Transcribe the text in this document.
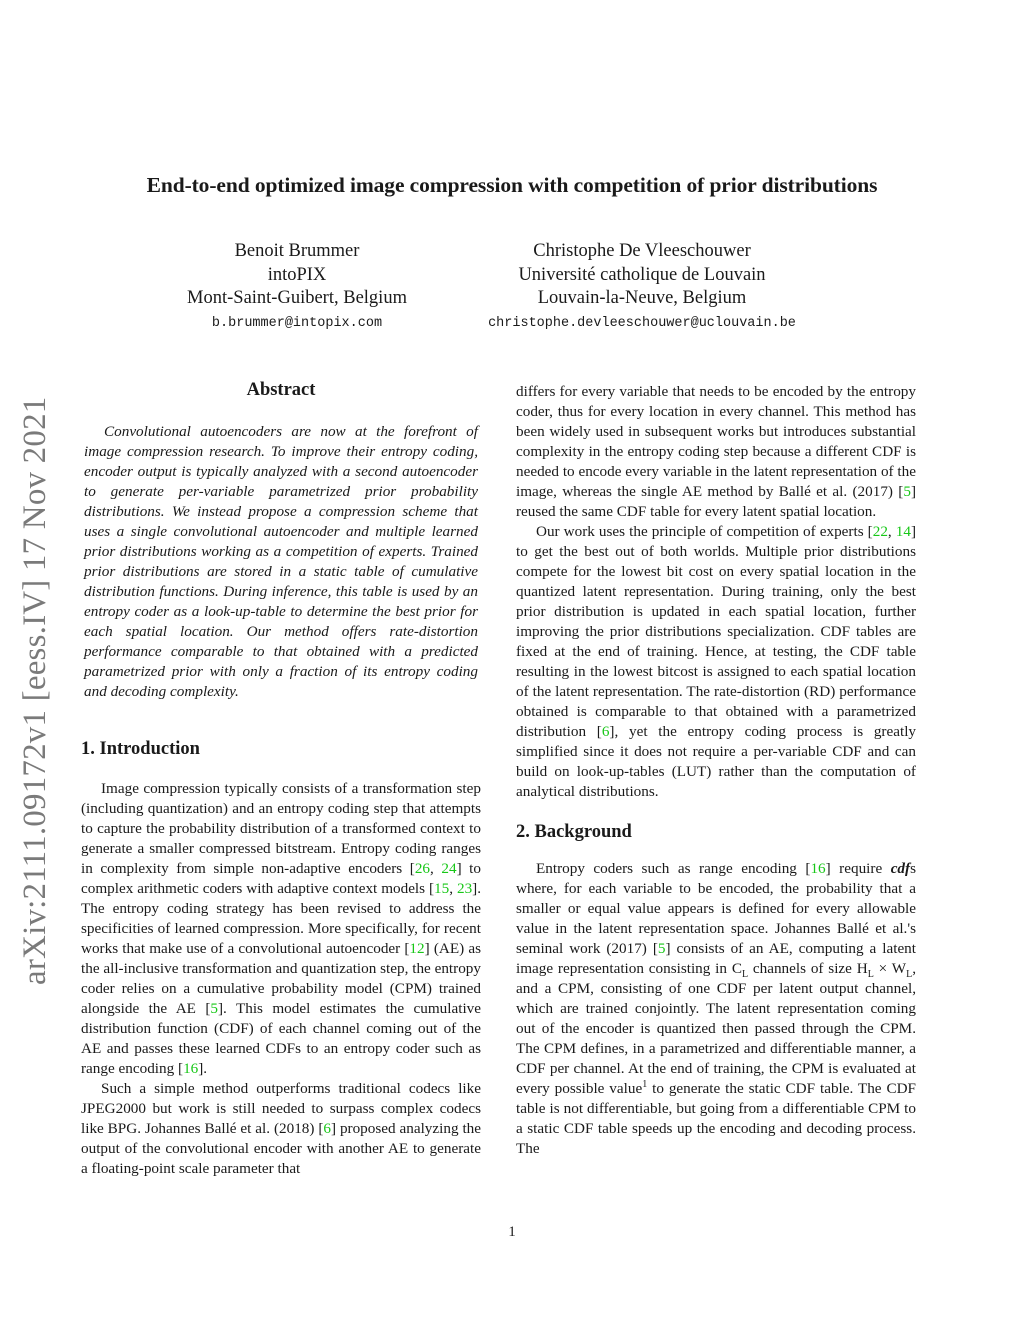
arXiv:2111.09172v1 [eess.IV] 17 Nov 2021
End-to-end optimized image compression with competition of prior distributions
Benoit Brummer
intoPIX
Mont-Saint-Guibert, Belgium
b.brummer@intopix.com
Christophe De Vleeschouwer
Université catholique de Louvain
Louvain-la-Neuve, Belgium
christophe.devleeschouwer@uclouvain.be
Abstract

Convolutional autoencoders are now at the forefront of image compression research. To improve their entropy coding, encoder output is typically analyzed with a second autoencoder to generate per-variable parametrized prior probability distributions. We instead propose a compression scheme that uses a single convolutional autoencoder and multiple learned prior distributions working as a competition of experts. Trained prior distributions are stored in a static table of cumulative distribution functions. During inference, this table is used by an entropy coder as a look-up-table to determine the best prior for each spatial location. Our method offers rate-distortion performance comparable to that obtained with a predicted parametrized prior with only a fraction of its entropy coding and decoding complexity.

1. Introduction

Image compression typically consists of a transformation step (including quantization) and an entropy coding step that attempts to capture the probability distribution of a transformed context to generate a smaller compressed bitstream. Entropy coding ranges in complexity from simple non-adaptive encoders [26, 24] to complex arithmetic coders with adaptive context models [15, 23]. The entropy coding strategy has been revised to address the specificities of learned compression. More specifically, for recent works that make use of a convolutional autoencoder [12] (AE) as the all-inclusive transformation and quantization step, the entropy coder relies on a cumulative probability model (CPM) trained alongside the AE [5]. This model estimates the cumulative distribution function (CDF) of each channel coming out of the AE and passes these learned CDFs to an entropy coder such as range encoding [16].

Such a simple method outperforms traditional codecs like JPEG2000 but work is still needed to surpass complex codecs like BPG. Johannes Ballé et al. (2018) [6] proposed analyzing the output of the convolutional encoder with another AE to generate a floating-point scale parameter that

differs for every variable that needs to be encoded by the entropy coder, thus for every location in every channel. This method has been widely used in subsequent works but introduces substantial complexity in the entropy coding step because a different CDF is needed to encode every variable in the latent representation of the image, whereas the single AE method by Ballé et al. (2017) [5] reused the same CDF table for every latent spatial location.

Our work uses the principle of competition of experts [22, 14] to get the best out of both worlds. Multiple prior distributions compete for the lowest bit cost on every spatial location in the quantized latent representation. During training, only the best prior distribution is updated in each spatial location, further improving the prior distributions specialization. CDF tables are fixed at the end of training. Hence, at testing, the CDF table resulting in the lowest bitcost is assigned to each spatial location of the latent representation. The rate-distortion (RD) performance obtained is comparable to that obtained with a parametrized distribution [6], yet the entropy coding process is greatly simplified since it does not require a per-variable CDF and can build on look-up-tables (LUT) rather than the computation of analytical distributions.

2. Background

Entropy coders such as range encoding [16] require cdfs where, for each variable to be encoded, the probability that a smaller or equal value appears is defined for every allowable value in the latent representation space. Johannes Ballé et al.'s seminal work (2017) [5] consists of an AE, computing a latent image representation consisting in $C_L$ channels of size $H_L \times W_L$, and a CPM, consisting of one CDF per latent output channel, which are trained conjointly. The latent representation coming out of the encoder is quantized then passed through the CPM. The CPM defines, in a parametrized and differentiable manner, a CDF per channel. At the end of training, the CPM is evaluated at every possible value$^1$ to generate the static CDF table. The CDF table is not differentiable, but going from a differentiable CPM to a static CDF table speeds up the encoding and decoding process. The

1
